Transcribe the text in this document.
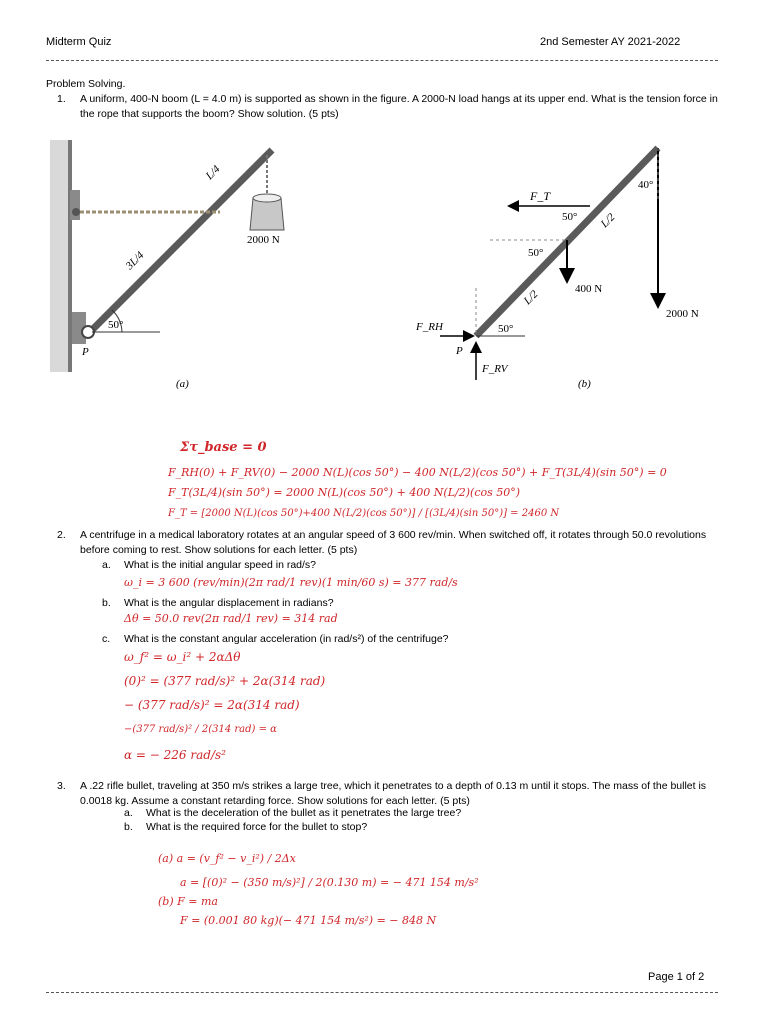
Midterm Quiz	2nd Semester AY 2021-2022
Problem Solving.
1. A uniform, 400-N boom (L = 4.0 m) is supported as shown in the figure. A 2000-N load hangs at its upper end. What is the tension force in
the rope that supports the boom? Show solution. (5 pts)
L/4
3L/4
2000 N
50°
P
(a)
F_T
40°
50° L/2
50°
400 N
2000 N
L/2
F_RH	50°
P
F_RV
(b)
Στ_base = 0
F_RH(0) + F_RV(0) − 2000 N(L)(cos 50°) − 400 N(L/2)(cos 50°) + F_T(3L/4)(sin 50°) = 0
F_T(3L/4)(sin 50°) = 2000 N(L)(cos 50°) + 400 N(L/2)(cos 50°)
F_T = [2000 N(L)(cos 50°)+400 N(L/2)(cos 50°)] / [(3L/4)(sin 50°)] = 2460 N
2. A centrifuge in a medical laboratory rotates at an angular speed of 3 600 rev/min. When switched off, it rotates through 50.0 revolutions
before coming to rest. Show solutions for each letter. (5 pts)
a. What is the initial angular speed in rad/s?
ω_i = 3 600 (rev/min)(2π rad/1 rev)(1 min/60 s) = 377 rad/s
b. What is the angular displacement in radians?
Δθ = 50.0 rev(2π rad/1 rev) = 314 rad
c. What is the constant angular acceleration (in rad/s²) of the centrifuge?
ω_f² = ω_i² + 2αΔθ
(0)² = (377 rad/s)² + 2α(314 rad)
− (377 rad/s)² = 2α(314 rad)
−(377 rad/s)² / 2(314 rad) = α
α = − 226 rad/s²
3. A .22 rifle bullet, traveling at 350 m/s strikes a large tree, which it penetrates to a depth of 0.13 m until it stops. The mass of the bullet is
0.0018 kg. Assume a constant retarding force. Show solutions for each letter. (5 pts)
a. What is the deceleration of the bullet as it penetrates the large tree?
b. What is the required force for the bullet to stop?
(a) a = (v_f² − v_i²) / 2Δx
a = [(0)² − (350 m/s)²] / 2(0.130 m) = − 471 154 m/s²
(b) F = ma
F = (0.001 80 kg)(− 471 154 m/s²) = − 848 N
Page 1 of 2
